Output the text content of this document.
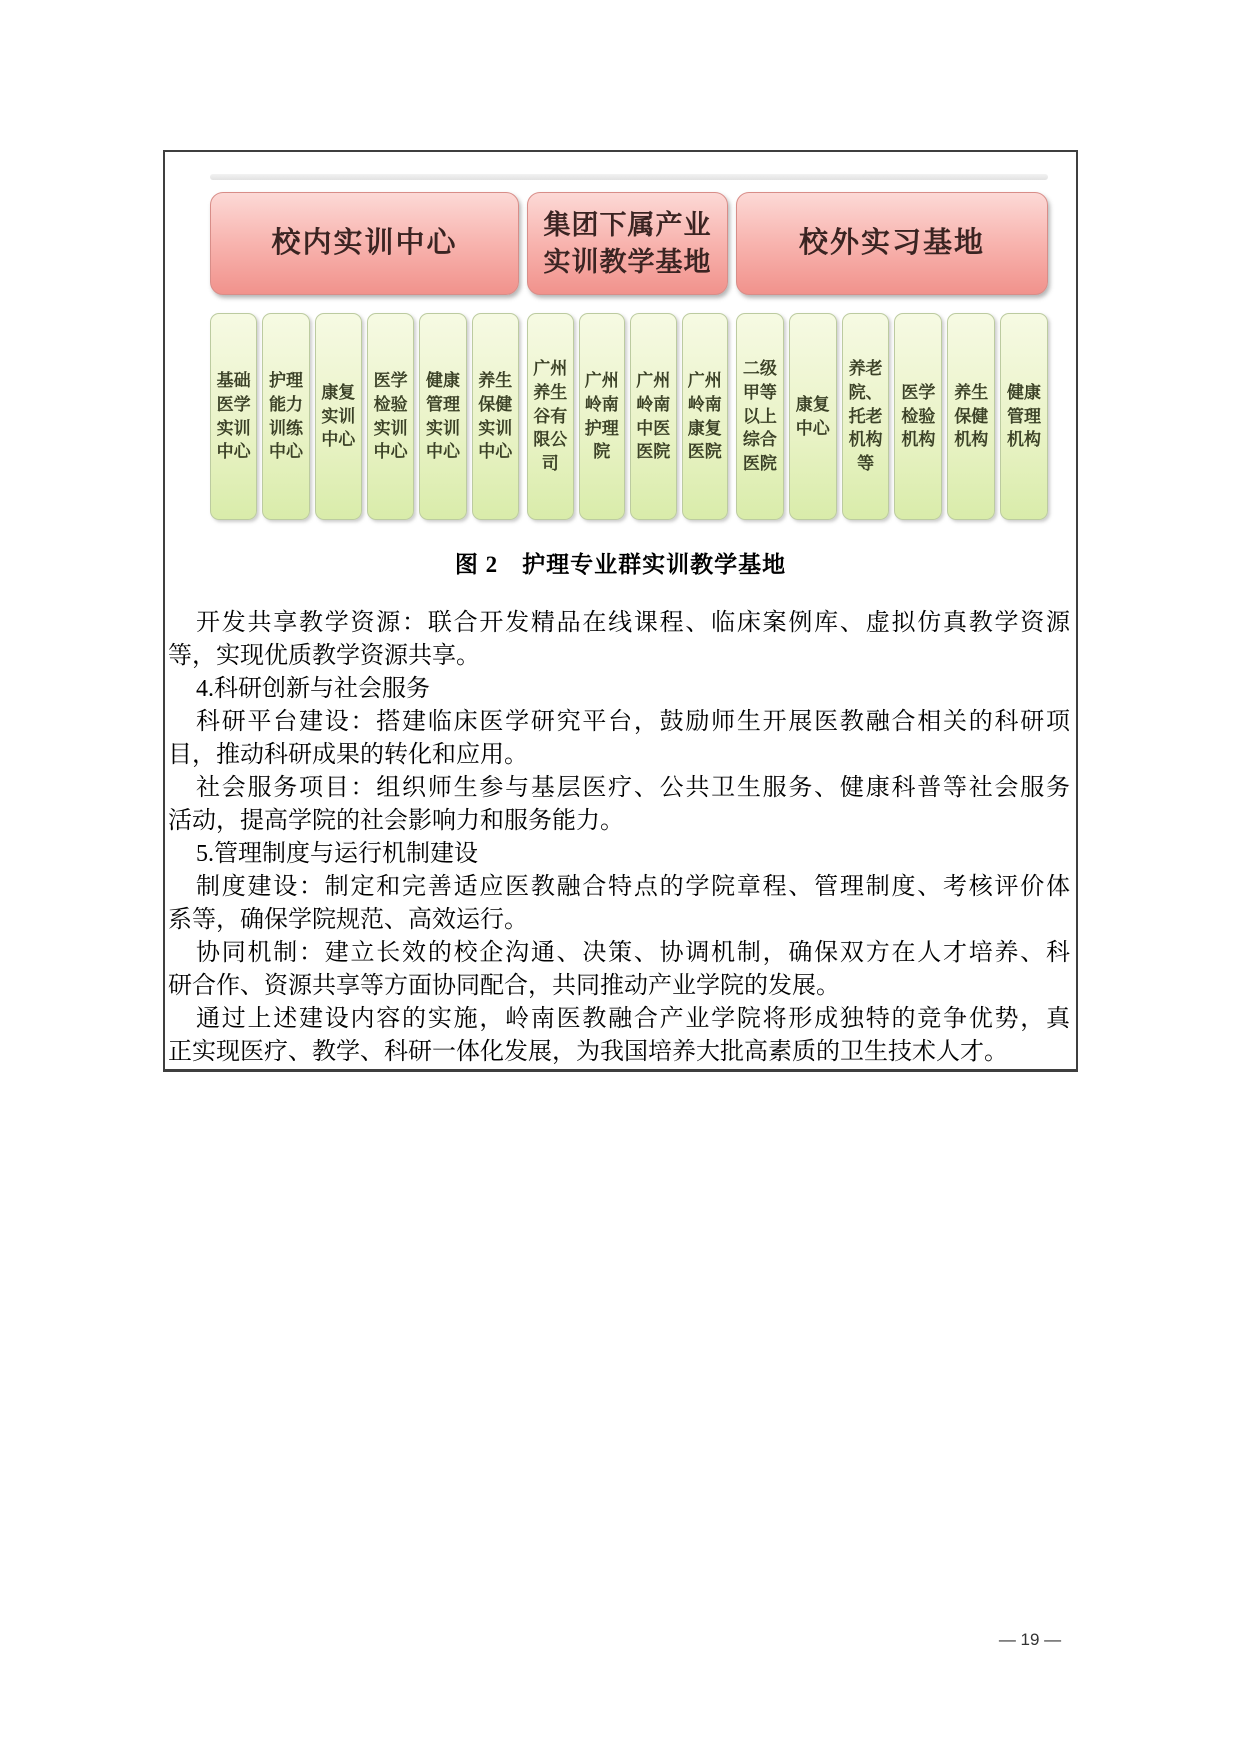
校内实训中心
集团下属产业实训教学基地
校外实习基地
基础医学实训中心
护理能力训练中心
康复实训中心
医学检验实训中心
健康管理实训中心
养生保健实训中心
广州养生谷有限公司
广州岭南护理院
广州岭南中医医院
广州岭南康复医院
二级甲等以上综合医院
康复中心
养老院、托老机构等
医学检验机构
养生保健机构
健康管理机构
图 2　护理专业群实训教学基地
开发共享教学资源：联合开发精品在线课程、临床案例库、虚拟仿真教学资源
等，实现优质教学资源共享。
4.科研创新与社会服务
科研平台建设：搭建临床医学研究平台，鼓励师生开展医教融合相关的科研项
目，推动科研成果的转化和应用。
社会服务项目：组织师生参与基层医疗、公共卫生服务、健康科普等社会服务
活动，提高学院的社会影响力和服务能力。
5.管理制度与运行机制建设
制度建设：制定和完善适应医教融合特点的学院章程、管理制度、考核评价体
系等，确保学院规范、高效运行。
协同机制：建立长效的校企沟通、决策、协调机制，确保双方在人才培养、科
研合作、资源共享等方面协同配合，共同推动产业学院的发展。
通过上述建设内容的实施，岭南医教融合产业学院将形成独特的竞争优势，真
正实现医疗、教学、科研一体化发展，为我国培养大批高素质的卫生技术人才。
— 19 —
